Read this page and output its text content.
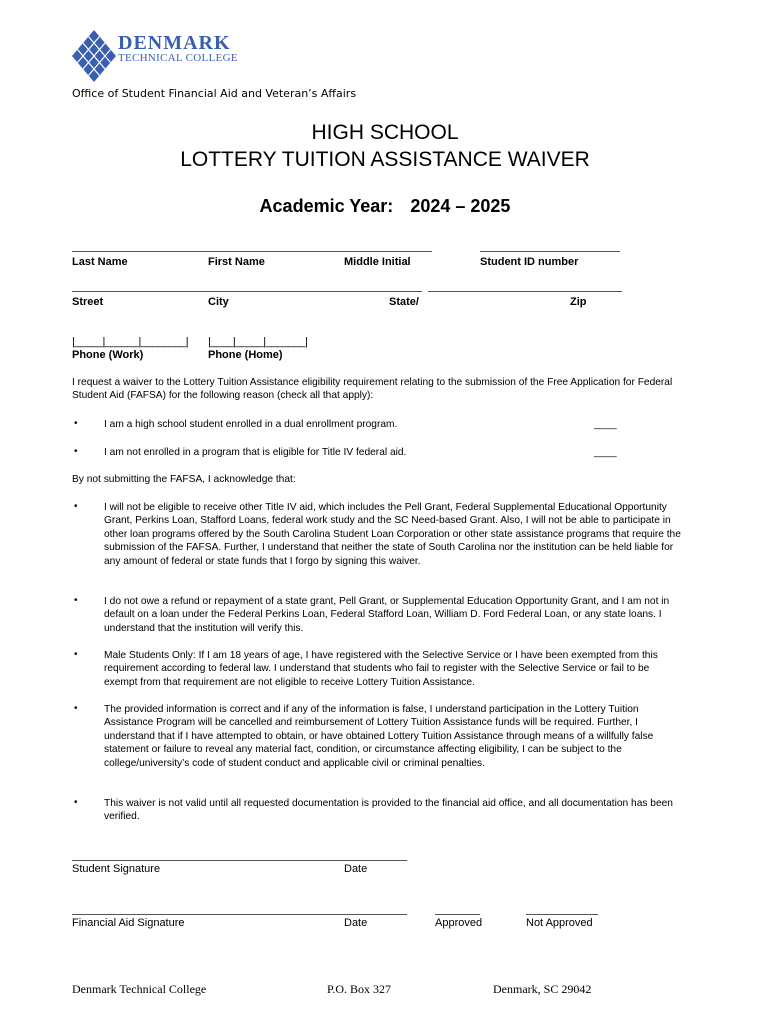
DENMARK
TECHNICAL COLLEGE
Office of Student Financial Aid and Veteran’s Affairs
HIGH SCHOOL
LOTTERY TUITION ASSISTANCE WAIVER
Academic Year: 2024 – 2025
Last Name	First Name	Middle Initial	Student ID number
Street	City	State/	Zip
|_____|______|________| |____|_____|_______|
Phone (Work)	Phone (Home)
I request a waiver to the Lottery Tuition Assistance eligibility requirement relating to the submission of the Free Application for Federal Student Aid (FAFSA) for the following reason (check all that apply):
•	I am a high school student enrolled in a dual enrollment program.	____
•	I am not enrolled in a program that is eligible for Title IV federal aid.	____
By not submitting the FAFSA, I acknowledge that:
•	I will not be eligible to receive other Title IV aid, which includes the Pell Grant, Federal Supplemental Educational Opportunity Grant, Perkins Loan, Stafford Loans, federal work study and the SC Need-based Grant. Also, I will not be able to participate in other loan programs offered by the South Carolina Student Loan Corporation or other state assistance programs that require the submission of the FAFSA. Further, I understand that neither the state of South Carolina nor the institution can be held liable for any amount of federal or state funds that I forgo by signing this waiver.
•	I do not owe a refund or repayment of a state grant, Pell Grant, or Supplemental Education Opportunity Grant, and I am not in default on a loan under the Federal Perkins Loan, Federal Stafford Loan, William D. Ford Federal Loan, or any state loans. I understand that the institution will verify this.
•	Male Students Only: If I am 18 years of age, I have registered with the Selective Service or I have been exempted from this requirement according to federal law. I understand that students who fail to register with the Selective Service or fail to be exempt from that requirement are not eligible to receive Lottery Tuition Assistance.
•	The provided information is correct and if any of the information is false, I understand participation in the Lottery Tuition Assistance Program will be cancelled and reimbursement of Lottery Tuition Assistance funds will be required. Further, I understand that if I have attempted to obtain, or have obtained Lottery Tuition Assistance through means of a willfully false statement or failure to reveal any material fact, condition, or circumstance affecting eligibility, I can be subject to the college/university’s code of student conduct and applicable civil or criminal penalties.
•	This waiver is not valid until all requested documentation is provided to the financial aid office, and all documentation has been verified.
Student Signature	Date
Financial Aid Signature	Date	Approved	Not Approved
Denmark Technical College	P.O. Box 327	Denmark, SC 29042
